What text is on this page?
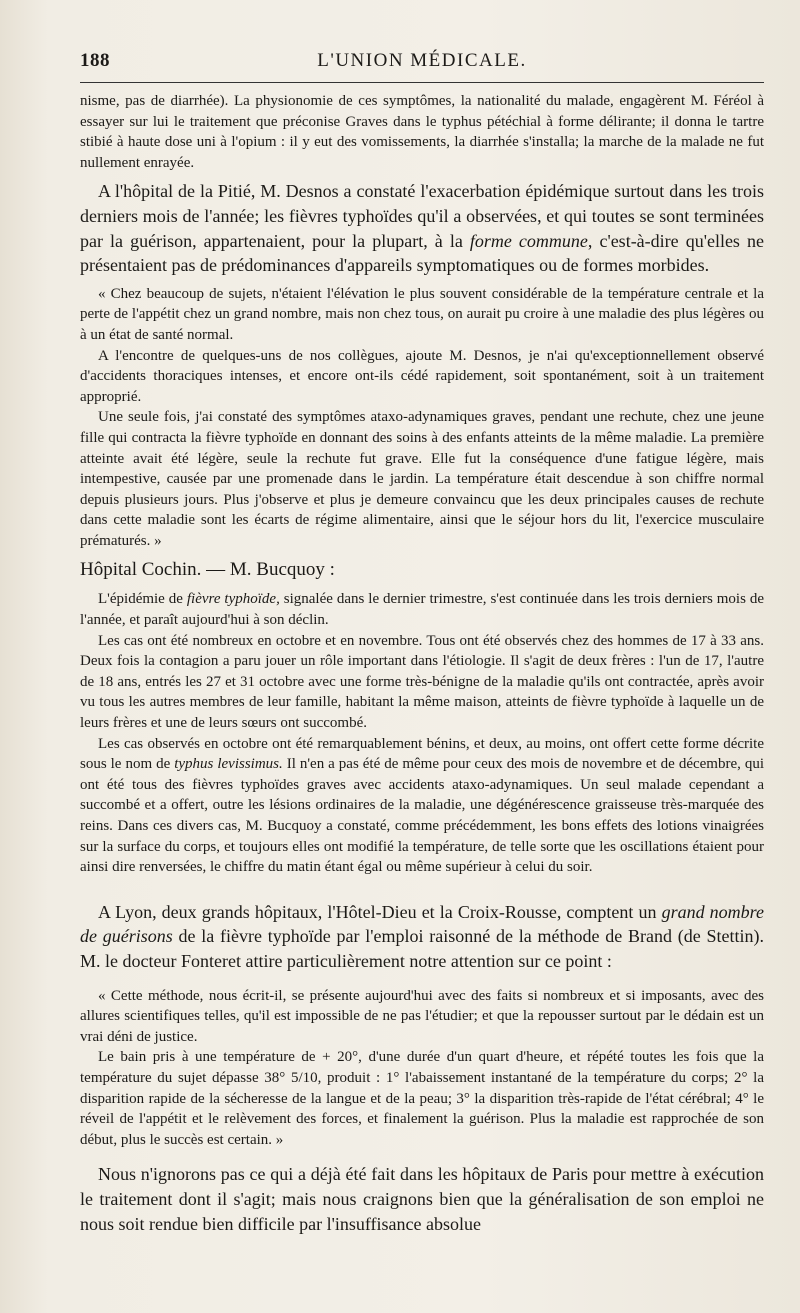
188	L'UNION MÉDICALE.

nisme, pas de diarrhée). La physionomie de ces symptômes, la nationalité du malade, engagèrent M. Féréol à essayer sur lui le traitement que préconise Graves dans le typhus pétéchial à forme délirante; il donna le tartre stibié à haute dose uni à l'opium : il y eut des vomissements, la diarrhée s'installa; la marche de la malade ne fut nullement enrayée.

A l'hôpital de la Pitié, M. Desnos a constaté l'exacerbation épidémique surtout dans les trois derniers mois de l'année; les fièvres typhoïdes qu'il a observées, et qui toutes se sont terminées par la guérison, appartenaient, pour la plupart, à la forme commune, c'est-à-dire qu'elles ne présentaient pas de prédominances d'appareils symptomatiques ou de formes morbides.

« Chez beaucoup de sujets, n'étaient l'élévation le plus souvent considérable de la température centrale et la perte de l'appétit chez un grand nombre, mais non chez tous, on aurait pu croire à une maladie des plus légères ou à un état de santé normal.

A l'encontre de quelques-uns de nos collègues, ajoute M. Desnos, je n'ai qu'exceptionnellement observé d'accidents thoraciques intenses, et encore ont-ils cédé rapidement, soit spontanément, soit à un traitement approprié.

Une seule fois, j'ai constaté des symptômes ataxo-adynamiques graves, pendant une rechute, chez une jeune fille qui contracta la fièvre typhoïde en donnant des soins à des enfants atteints de la même maladie. La première atteinte avait été légère, seule la rechute fut grave. Elle fut la conséquence d'une fatigue légère, mais intempestive, causée par une promenade dans le jardin. La température était descendue à son chiffre normal depuis plusieurs jours. Plus j'observe et plus je demeure convaincu que les deux principales causes de rechute dans cette maladie sont les écarts de régime alimentaire, ainsi que le séjour hors du lit, l'exercice musculaire prématurés. »

Hôpital Cochin. — M. Bucquoy :

L'épidémie de fièvre typhoïde, signalée dans le dernier trimestre, s'est continuée dans les trois derniers mois de l'année, et paraît aujourd'hui à son déclin.

Les cas ont été nombreux en octobre et en novembre. Tous ont été observés chez des hommes de 17 à 33 ans. Deux fois la contagion a paru jouer un rôle important dans l'étiologie. Il s'agit de deux frères : l'un de 17, l'autre de 18 ans, entrés les 27 et 31 octobre avec une forme très-bénigne de la maladie qu'ils ont contractée, après avoir vu tous les autres membres de leur famille, habitant la même maison, atteints de fièvre typhoïde à laquelle un de leurs frères et une de leurs sœurs ont succombé.

Les cas observés en octobre ont été remarquablement bénins, et deux, au moins, ont offert cette forme décrite sous le nom de typhus levissimus. Il n'en a pas été de même pour ceux des mois de novembre et de décembre, qui ont été tous des fièvres typhoïdes graves avec accidents ataxo-adynamiques. Un seul malade cependant a succombé et a offert, outre les lésions ordinaires de la maladie, une dégénérescence graisseuse très-marquée des reins. Dans ces divers cas, M. Bucquoy a constaté, comme précédemment, les bons effets des lotions vinaigrées sur la surface du corps, et toujours elles ont modifié la température, de telle sorte que les oscillations étaient pour ainsi dire renversées, le chiffre du matin étant égal ou même supérieur à celui du soir.

A Lyon, deux grands hôpitaux, l'Hôtel-Dieu et la Croix-Rousse, comptent un grand nombre de guérisons de la fièvre typhoïde par l'emploi raisonné de la méthode de Brand (de Stettin). M. le docteur Fonteret attire particulièrement notre attention sur ce point :

« Cette méthode, nous écrit-il, se présente aujourd'hui avec des faits si nombreux et si imposants, avec des allures scientifiques telles, qu'il est impossible de ne pas l'étudier; et que la repousser surtout par le dédain est un vrai déni de justice.

Le bain pris à une température de + 20°, d'une durée d'un quart d'heure, et répété toutes les fois que la température du sujet dépasse 38° 5/10, produit : 1° l'abaissement instantané de la température du corps; 2° la disparition rapide de la sécheresse de la langue et de la peau; 3° la disparition très-rapide de l'état cérébral; 4° le réveil de l'appétit et le relèvement des forces, et finalement la guérison. Plus la maladie est rapprochée de son début, plus le succès est certain. »

Nous n'ignorons pas ce qui a déjà été fait dans les hôpitaux de Paris pour mettre à exécution le traitement dont il s'agit; mais nous craignons bien que la généralisation de son emploi ne nous soit rendue bien difficile par l'insuffisance absolue
